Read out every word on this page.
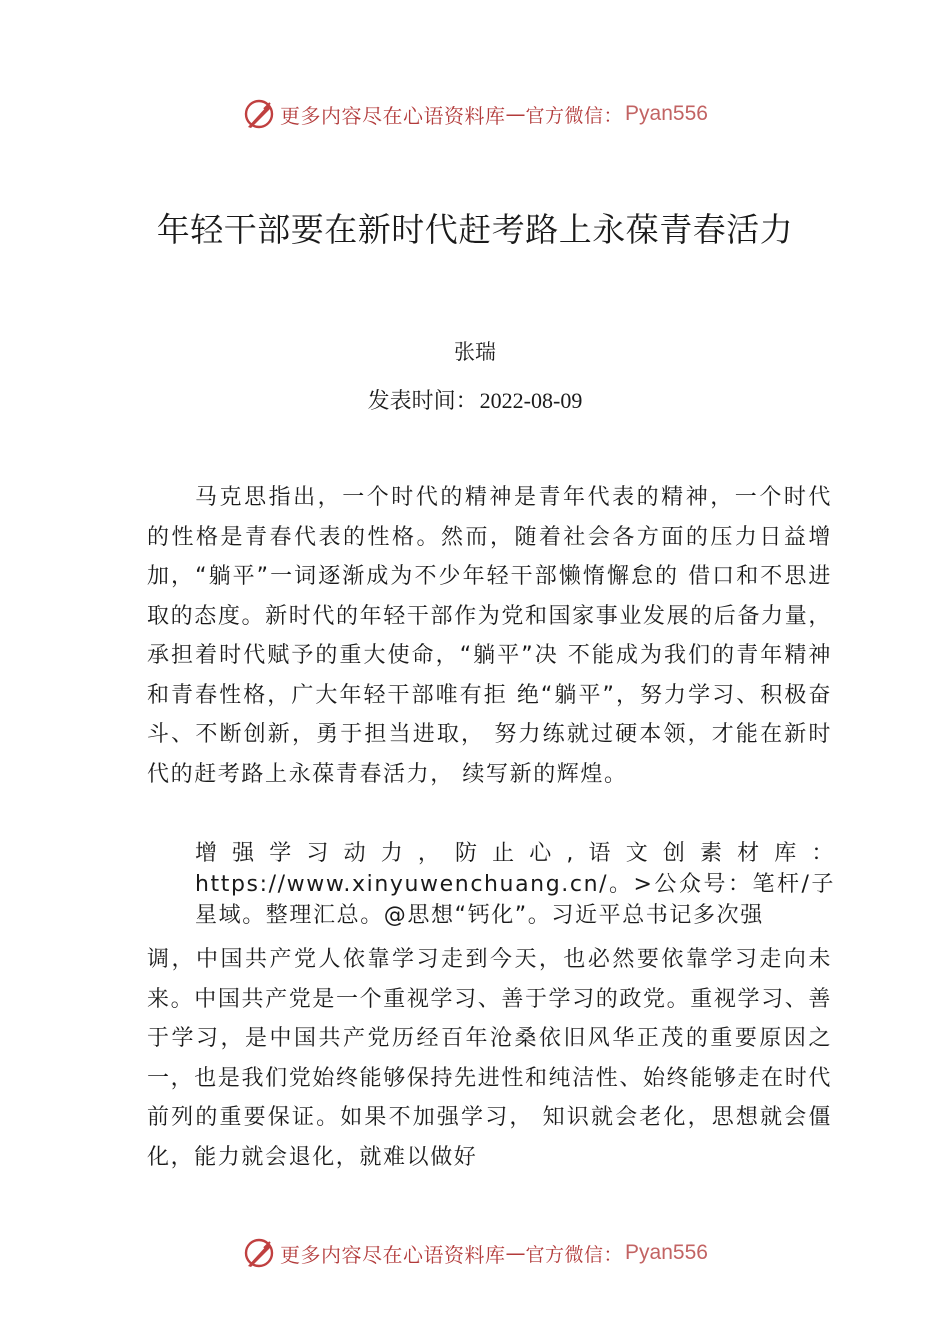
更多内容尽在心语资料库 — 官方微信： Pyan556
年轻干部要在新时代赶考路上永葆青春活力
张瑞
发表时间：2022-08-09

马克思指出，一个时代的精神是青年代表的精神，一个时代的性格是青春代表的性格。然而，随着社会各方面的压力日益增加，“躺平”一词逐渐成为不少年轻干部懒惰懈怠的 借口和不思进取的态度。新时代的年轻干部作为党和国家事业发展的后备力量，承担着时代赋予的重大使命，“躺平”决 不能成为我们的青年精神和青春性格，广大年轻干部唯有拒 绝“躺平”，努力学习、积极奋斗、不断创新，勇于担当进取， 努力练就过硬本领，才能在新时代的赶考路上永葆青春活力， 续写新的辉煌。

增强学习动力，防止心,语文创素材库：https://www.xinyuwenchuang.cn/。>公众号：笔杆/子星域。整理汇总。@思想“钙化”。习近平总书记多次强

调，中国共产党人依靠学习走到今天，也必然要依靠学习走向未来。中国共产党是一个重视学习、善于学习的政党。重视学习、善于学习，是中国共产党历经百年沧桑依旧风华正茂的重要原因之一，也是我们党始终能够保持先进性和纯洁性、始终能够走在时代前列的重要保证。如果不加强学习， 知识就会老化，思想就会僵化，能力就会退化，就难以做好

更多内容尽在心语资料库 — 官方微信： Pyan556
